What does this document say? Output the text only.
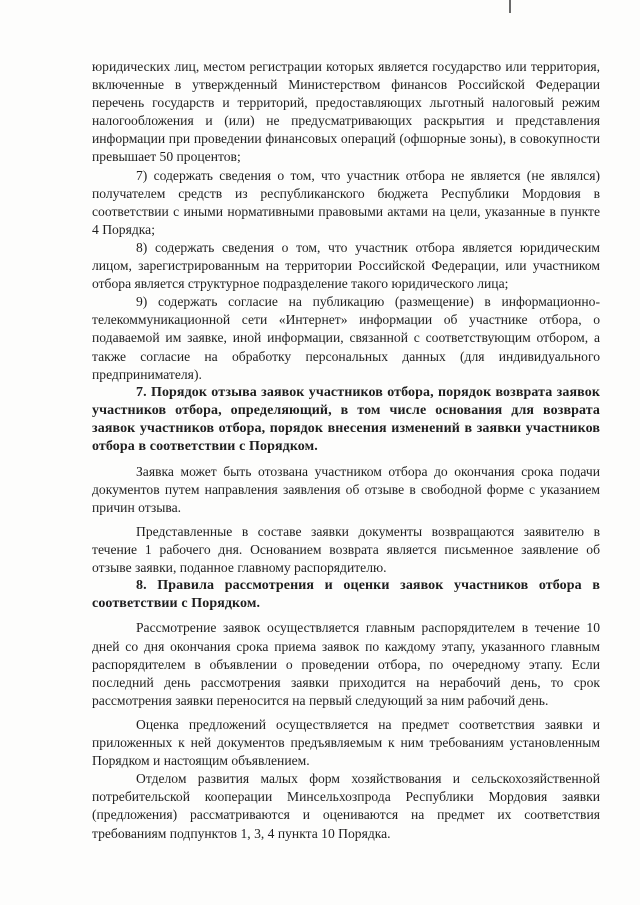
юридических лиц, местом регистрации которых является государство или территория, включенные в утвержденный Министерством финансов Российской Федерации перечень государств и территорий, предоставляющих льготный налоговый режим налогообложения и (или) не предусматривающих раскрытия и представления информации при проведении финансовых операций (офшорные зоны), в совокупности превышает 50 процентов;

7) содержать сведения о том, что участник отбора не является (не являлся) получателем средств из республиканского бюджета Республики Мордовия в соответствии с иными нормативными правовыми актами на цели, указанные в пункте 4 Порядка;

8) содержать сведения о том, что участник отбора является юридическим лицом, зарегистрированным на территории Российской Федерации, или участником отбора является структурное подразделение такого юридического лица;

9) содержать согласие на публикацию (размещение) в информационно-телекоммуникационной сети «Интернет» информации об участнике отбора, о подаваемой им заявке, иной информации, связанной с соответствующим отбором, а также согласие на обработку персональных данных (для индивидуального предпринимателя).

7. Порядок отзыва заявок участников отбора, порядок возврата заявок участников отбора, определяющий, в том числе основания для возврата заявок участников отбора, порядок внесения изменений в заявки участников отбора в соответствии с Порядком.

Заявка может быть отозвана участником отбора до окончания срока подачи документов путем направления заявления об отзыве в свободной форме с указанием причин отзыва.

Представленные в составе заявки документы возвращаются заявителю в течение 1 рабочего дня. Основанием возврата является письменное заявление об отзыве заявки, поданное главному распорядителю.

8. Правила рассмотрения и оценки заявок участников отбора в соответствии с Порядком.

Рассмотрение заявок осуществляется главным распорядителем в течение 10 дней со дня окончания срока приема заявок по каждому этапу, указанного главным распорядителем в объявлении о проведении отбора, по очередному этапу. Если последний день рассмотрения заявки приходится на нерабочий день, то срок рассмотрения заявки переносится на первый следующий за ним рабочий день.

Оценка предложений осуществляется на предмет соответствия заявки и приложенных к ней документов предъявляемым к ним требованиям установленным Порядком и настоящим объявлением.

Отделом развития малых форм хозяйствования и сельскохозяйственной потребительской кооперации Минсельхозпрода Республики Мордовия заявки (предложения) рассматриваются и оцениваются на предмет их соответствия требованиям подпунктов 1, 3, 4 пункта 10 Порядка.
